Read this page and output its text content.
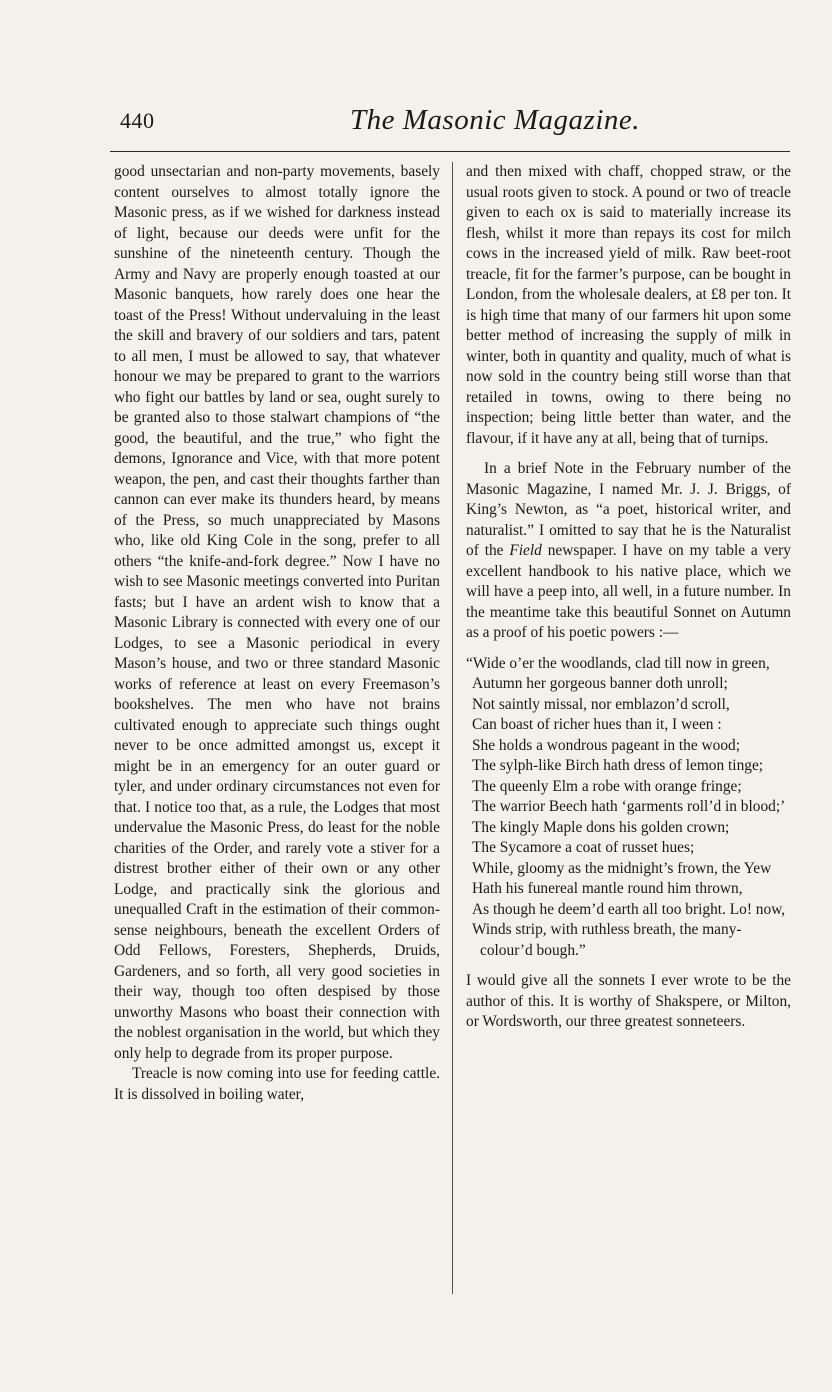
440	The Masonic Magazine.

good unsectarian and non-party movements, basely content ourselves to almost totally ignore the Masonic press, as if we wished for darkness instead of light, because our deeds were unfit for the sunshine of the nineteenth century. Though the Army and Navy are properly enough toasted at our Masonic banquets, how rarely does one hear the toast of the Press! Without undervaluing in the least the skill and bravery of our soldiers and tars, patent to all men, I must be allowed to say, that whatever honour we may be prepared to grant to the warriors who fight our battles by land or sea, ought surely to be granted also to those stalwart champions of “the good, the beautiful, and the true,” who fight the demons, Ignorance and Vice, with that more potent weapon, the pen, and cast their thoughts farther than cannon can ever make its thunders heard, by means of the Press, so much unappreciated by Masons who, like old King Cole in the song, prefer to all others “the knife-and-fork degree.” Now I have no wish to see Masonic meetings converted into Puritan fasts; but I have an ardent wish to know that a Masonic Library is connected with every one of our Lodges, to see a Masonic periodical in every Mason’s house, and two or three standard Masonic works of reference at least on every Freemason’s bookshelves. The men who have not brains cultivated enough to appreciate such things ought never to be once admitted amongst us, except it might be in an emergency for an outer guard or tyler, and under ordinary circumstances not even for that. I notice too that, as a rule, the Lodges that most undervalue the Masonic Press, do least for the noble charities of the Order, and rarely vote a stiver for a distrest brother either of their own or any other Lodge, and practically sink the glorious and unequalled Craft in the estimation of their common-sense neighbours, beneath the excellent Orders of Odd Fellows, Foresters, Shepherds, Druids, Gardeners, and so forth, all very good societies in their way, though too often despised by those unworthy Masons who boast their connection with the noblest organisation in the world, but which they only help to degrade from its proper purpose.

Treacle is now coming into use for feeding cattle. It is dissolved in boiling water,

and then mixed with chaff, chopped straw, or the usual roots given to stock. A pound or two of treacle given to each ox is said to materially increase its flesh, whilst it more than repays its cost for milch cows in the increased yield of milk. Raw beet-root treacle, fit for the farmer’s purpose, can be bought in London, from the wholesale dealers, at £8 per ton. It is high time that many of our farmers hit upon some better method of increasing the supply of milk in winter, both in quantity and quality, much of what is now sold in the country being still worse than that retailed in towns, owing to there being no inspection; being little better than water, and the flavour, if it have any at all, being that of turnips.

In a brief Note in the February number of the Masonic Magazine, I named Mr. J. J. Briggs, of King’s Newton, as “a poet, historical writer, and naturalist.” I omitted to say that he is the Naturalist of the Field newspaper. I have on my table a very excellent handbook to his native place, which we will have a peep into, all well, in a future number. In the meantime take this beautiful Sonnet on Autumn as a proof of his poetic powers :—

“Wide o’er the woodlands, clad till now in green,
Autumn her gorgeous banner doth unroll;
Not saintly missal, nor emblazon’d scroll,
Can boast of richer hues than it, I ween :
She holds a wondrous pageant in the wood;
The sylph-like Birch hath dress of lemon tinge;
The queenly Elm a robe with orange fringe;
The warrior Beech hath ‘garments roll’d in blood;’
The kingly Maple dons his golden crown;
The Sycamore a coat of russet hues;
While, gloomy as the midnight’s frown, the Yew
Hath his funereal mantle round him thrown,
As though he deem’d earth all too bright. Lo! now,
Winds strip, with ruthless breath, the many-colour’d bough.”

I would give all the sonnets I ever wrote to be the author of this. It is worthy of Shakspere, or Milton, or Wordsworth, our three greatest sonneteers.
